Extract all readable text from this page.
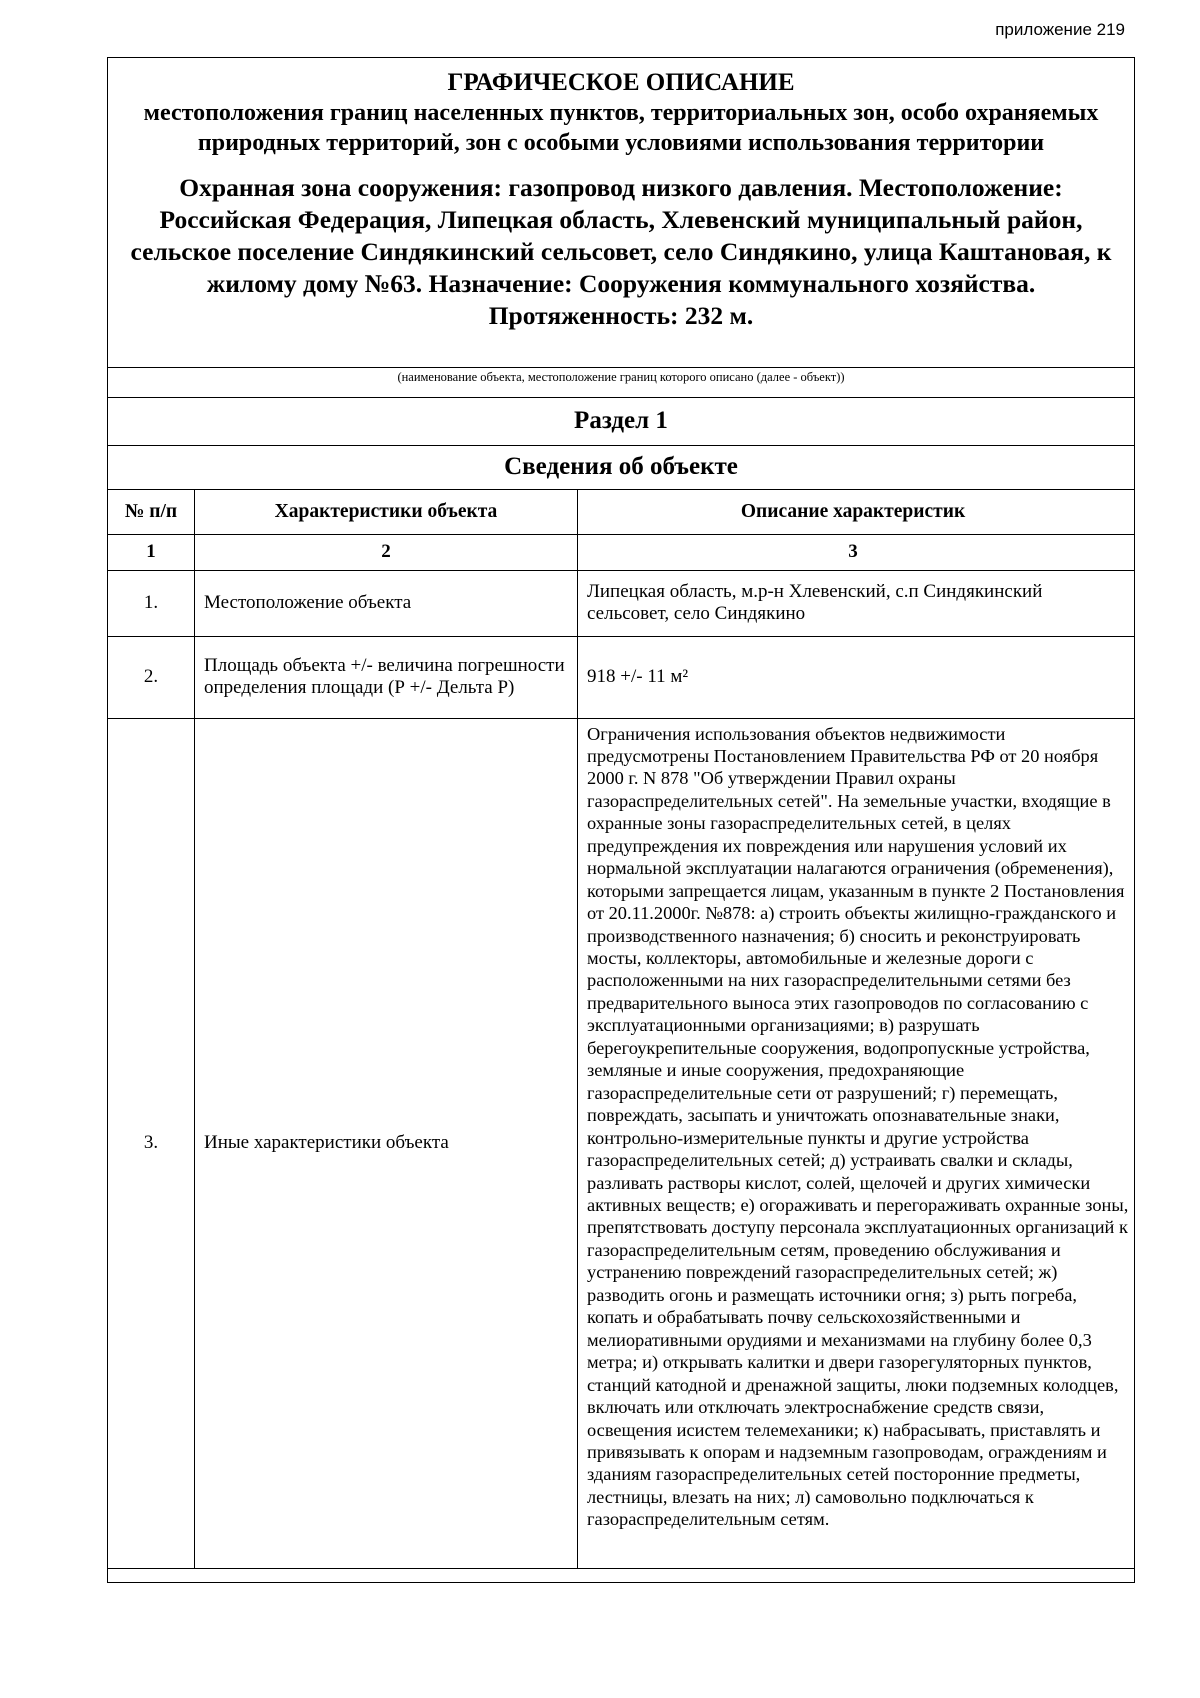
приложение 219
ГРАФИЧЕСКОЕ ОПИСАНИЕ
местоположения границ населенных пунктов, территориальных зон, особо охраняемых природных территорий, зон с особыми условиями использования территории
Охранная зона сооружения: газопровод низкого давления. Местоположение: Российская Федерация, Липецкая область, Хлевенский муниципальный район, сельское поселение Синдякинский сельсовет, село Синдякино, улица Каштановая, к жилому дому №63. Назначение: Сооружения коммунального хозяйства. Протяженность: 232 м.
(наименование объекта, местоположение границ которого описано (далее - объект))
Раздел 1
Сведения об объекте
№ п/п	Характеристики объекта	Описание характеристик
1	2	3
1.	Местоположение объекта	Липецкая область, м.р-н Хлевенский, с.п Синдякинский сельсовет, село Синдякино
2.	Площадь объекта +/- величина погрешности определения площади (Р +/- Дельта Р)	918 +/- 11 м²
3.	Иные характеристики объекта	Ограничения использования объектов недвижимости предусмотрены Постановлением Правительства РФ от 20 ноября 2000 г. N 878 "Об утверждении Правил охраны газораспределительных сетей". На земельные участки, входящие в охранные зоны газораспределительных сетей, в целях предупреждения их повреждения или нарушения условий их нормальной эксплуатации налагаются ограничения (обременения), которыми запрещается лицам, указанным в пункте 2 Постановления от 20.11.2000г. №878: а) строить объекты жилищно-гражданского и производственного назначения; б) сносить и реконструировать мосты, коллекторы, автомобильные и железные дороги с расположенными на них газораспределительными сетями без предварительного выноса этих газопроводов по согласованию с эксплуатационными организациями; в) разрушать берегоукрепительные сооружения, водопропускные устройства, земляные и иные сооружения, предохраняющие газораспределительные сети от разрушений; г) перемещать, повреждать, засыпать и уничтожать опознавательные знаки, контрольно-измерительные пункты и другие устройства газораспределительных сетей; д) устраивать свалки и склады, разливать растворы кислот, солей, щелочей и других химически активных веществ; е) огораживать и перегораживать охранные зоны, препятствовать доступу персонала эксплуатационных организаций к газораспределительным сетям, проведению обслуживания и устранению повреждений газораспределительных сетей; ж) разводить огонь и размещать источники огня; з) рыть погреба, копать и обрабатывать почву сельскохозяйственными и мелиоративными орудиями и механизмами на глубину более 0,3 метра; и) открывать калитки и двери газорегуляторных пунктов, станций катодной и дренажной защиты, люки подземных колодцев, включать или отключать электроснабжение средств связи, освещения исистем телемеханики; к) набрасывать, приставлять и привязывать к опорам и надземным газопроводам, ограждениям и зданиям газораспределительных сетей посторонние предметы, лестницы, влезать на них; л) самовольно подключаться к газораспределительным сетям.
